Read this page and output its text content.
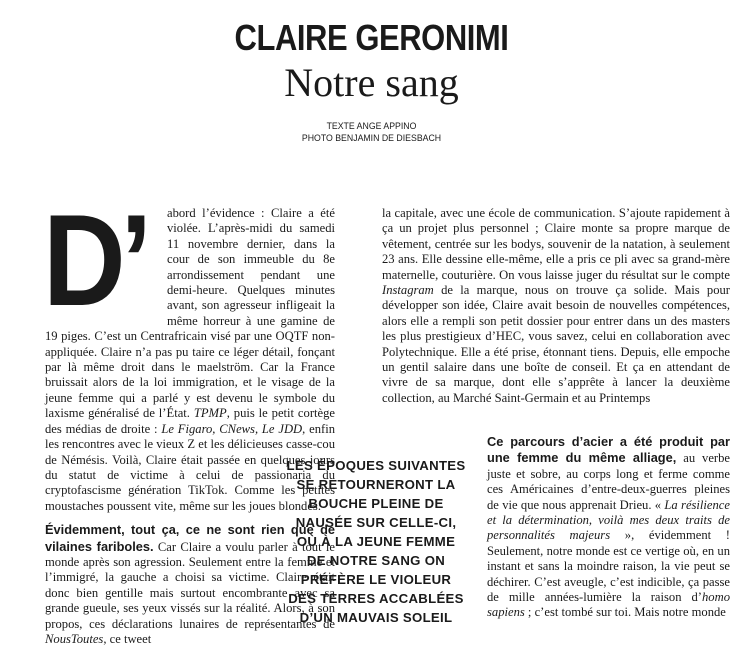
CLAIRE GERONIMI
Notre sang
TEXTE ANGE APPINO
PHOTO BENJAMIN DE DIESBACH
D’	abord l’évidence : Claire a été violée. L’après-midi du samedi 11 novembre dernier, dans la cour de son immeuble du 8e arrondissement pendant une demi-heure. Quelques minutes avant, son agresseur infligeait la même horreur à une gamine de 19 piges. C’est un Centrafricain visé par une OQTF non-appliquée. Claire n’a pas pu taire ce léger détail, fonçant par là même droit dans le maelström. Car la France bruissait alors de la loi immigration, et le visage de la jeune femme qui a parlé y est devenu le symbole du laxisme généralisé de l’État. TPMP, puis le petit cortège des médias de droite : Le Figaro, CNews, Le JDD, enfin les rencontres avec le vieux Z et les délicieuses casse-cou de Némésis. Voilà, Claire était passée en quelques jours du statut de victime à celui de passionaria du cryptofascisme génération TikTok. Comme les petites moustaches poussent vite, même sur les joues blondes.

Évidemment, tout ça, ce ne sont rien que de vilaines fariboles. Car Claire a voulu parler à tout le monde après son agression. Seulement entre la femme et l’immigré, la gauche a choisi sa victime. Claire était donc bien gentille mais surtout encombrante avec sa grande gueule, ses yeux vissés sur la réalité. Alors, à son propos, ces déclarations lunaires de représentantes de NousToutes, ce tweet

la capitale, avec une école de communication. S’ajoute rapidement à ça un projet plus personnel ; Claire monte sa propre marque de vêtement, centrée sur les bodys, souvenir de la natation, à seulement 23 ans. Elle dessine elle-même, elle a pris ce pli avec sa grand-mère maternelle, couturière. On vous laisse juger du résultat sur le compte Instagram de la marque, nous on trouve ça solide. Mais pour développer son idée, Claire avait besoin de nouvelles compétences, alors elle a rempli son petit dossier pour entrer dans un des masters les plus prestigieux d’HEC, vous savez, celui en collaboration avec Polytechnique. Elle a été prise, étonnant tiens. Depuis, elle empoche un gentil salaire dans une boîte de conseil. Et ça en attendant de vivre de sa marque, dont elle s’apprête à lancer la deuxième collection, au Marché Saint-Germain et au Printemps

LES ÉPOQUES SUIVANTES SE RETOURNERONT LA BOUCHE PLEINE DE NAUSÉE SUR CELLE-CI, OÙ À LA JEUNE FEMME DE NOTRE SANG ON PRÉFÈRE LE VIOLEUR DES TERRES ACCABLÉES D’UN MAUVAIS SOLEIL

Ce parcours d’acier a été produit par une femme du même alliage, au verbe juste et sobre, au corps long et ferme comme ces Américaines d’entre-deux-guerres pleines de vie que nous apprenait Drieu. « La résilience et la détermination, voilà mes deux traits de personnalités majeurs », évidemment ! Seulement, notre monde est ce vertige où, en un instant et sans la moindre raison, la vie peut se déchirer. C’est aveugle, c’est indicible, ça passe de mille années-lumière la raison d’homo sapiens ; c’est tombé sur toi. Mais notre monde
